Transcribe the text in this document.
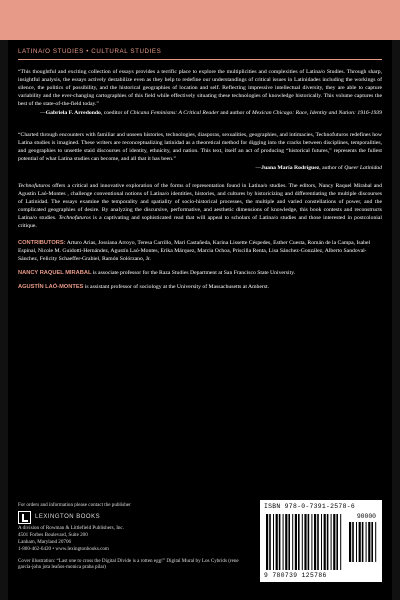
LATINA/O STUDIES • CULTURAL STUDIES

“This thoughtful and exciting collection of essays provides a terrific place to explore the multiplicities and complexities of Latina/o Studies. Through sharp, insightful analysis, the essays actively destabilize even as they help to redefine our understandings of critical issues in Latinidades including the workings of silence, the politics of possibility, and the historical geographies of location and self. Reflecting impressive intellectual diversity, they are able to capture variability and the ever-changing cartographies of this field while effectively situating these technologies of knowledge historically. This volume captures the best of the state-of-the-field today.”

—Gabriela F. Arredondo, coeditor of Chicana Feminisms: A Critical Reader and author of Mexican Chicago: Race, Identity and Nation: 1916-1939

“Charted through encounters with familiar and unseen histories, technologies, diasporas, sexualities, geographies, and intimacies, Technofuturos redefines how Latina studies is imagined. These writers are reconceptualizing latinidad as a theoretical method for digging into the cracks between disciplines, temporalities, and geographies to unsettle staid discourses of identity, ethnicity, and nation. This text, itself an act of producing “historical futures,” represents the fullest potential of what Latina studies can become, and all that it has been.”

—Juana María Rodríguez, author of Queer Latinidad

Technofuturos offers a critical and innovative exploration of the forms of representation found in Latina/o studies. The editors, Nancy Raquel Mirabal and Agustín Laó-Montes , challenge conventional notions of Latina/o identities, histories, and cultures by historicizing and differentiating the multiple discourses of Latinidad. The essays examine the temporality and spatiality of socio-historical processes, the multiple and varied constellations of power, and the complicated geographies of desire. By analyzing the discursive, performative, and aesthetic dimensions of knowledge, this book contests and reconstructs Latina/o studies. Technofuturos is a captivating and sophisticated read that will appeal to scholars of Latina/o studies and those interested in postcolonial critique.

CONTRIBUTORS: Arturo Arias, Jossiana Arroyo, Teresa Carrillo, Mari Castañeda, Karina Lissette Céspedes, Esther Cuesta, Román de la Campa, Isabel Espinal, Nicole M. Guidotti-Hernández, Agustín Laó-Montes, Erika Márquez, Marcia Ochoa, Priscilla Renta, Lisa Sánchez-González, Alberto Sandoval-Sánchez, Felicity Schaeffer-Grabiel, Ramón Solórzano, Jr.

NANCY RAQUEL MIRABAL is associate professor for the Raza Studies Department at San Francisco State University.

AGUSTÍN LAÓ-MONTES is assistant professor of sociology at the University of Massachusetts at Amherst.

For orders and information please contact the publisher
LEXINGTON BOOKS
A division of Rowman & Littlefield Publishers, Inc.
4501 Forbes Boulevard, Suite 200
Lanham, Maryland 20706
1-800-462-6420 • www.lexingtonbooks.com
Cover illustration: “Last one to cross the Digital Divide is a rotten egg!” Digital Mural by Los Cybrids (rene garcia-john jota leaños-monica praba pilar)
ISBN 978-0-7391-2578-6
90000
9 780739 125786
